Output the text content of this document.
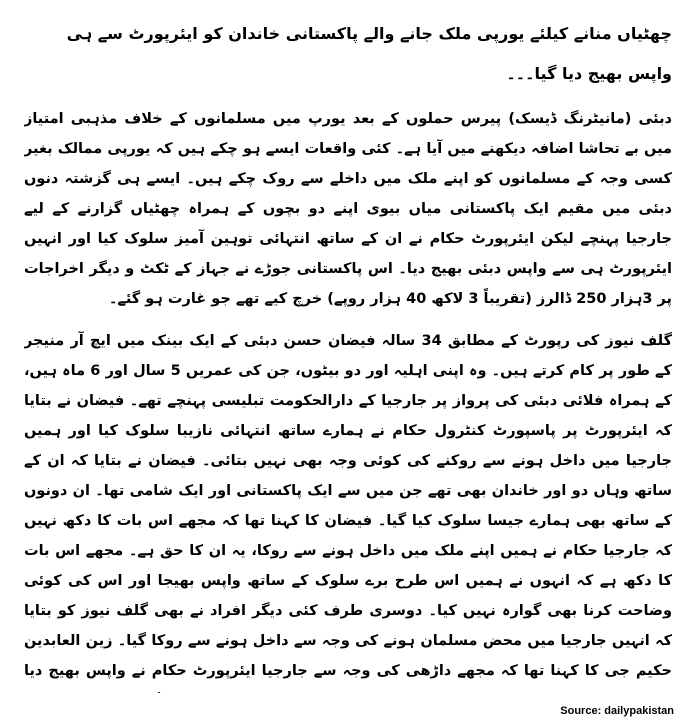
چھٹیاں منانے کیلئے یورپی ملک جانے والے پاکستانی خاندان کو ایئرپورٹ سے ہی واپس بھیج دیا گیا۔۔۔

دبئی (مانیٹرنگ ڈیسک) پیرس حملوں کے بعد یورپ میں مسلمانوں کے خلاف مذہبی امتیاز میں بے تحاشا اضافہ دیکھنے میں آیا ہے۔ کئی واقعات ایسے ہو چکے ہیں کہ یورپی ممالک بغیر کسی وجہ کے مسلمانوں کو اپنے ملک میں داخلے سے روک چکے ہیں۔ ایسے ہی گزشتہ دنوں دبئی میں مقیم ایک پاکستانی میاں بیوی اپنے دو بچوں کے ہمراہ چھٹیاں گزارنے کے لیے جارجیا پہنچے لیکن ایئرپورٹ حکام نے ان کے ساتھ انتہائی توہین آمیز سلوک کیا اور انہیں ایئرپورٹ ہی سے واپس دبئی بھیج دیا۔ اس پاکستانی جوڑے نے جہاز کے ٹکٹ و دیگر اخراجات پر 3ہزار 250 ڈالرز (تقریباً 3 لاکھ 40 ہزار روپے) خرچ کیے تھے جو غارت ہو گئے۔

گلف نیوز کی رپورٹ کے مطابق 34 سالہ فیضان حسن دبئی کے ایک بینک میں ایچ آر منیجر کے طور پر کام کرتے ہیں۔ وہ اپنی اہلیہ اور دو بیٹوں، جن کی عمریں 5 سال اور 6 ماہ ہیں، کے ہمراہ فلائی دبئی کی پرواز پر جارجیا کے دارالحکومت تبلیسی پہنچے تھے۔ فیضان نے بتایا کہ ایئرپورٹ پر پاسپورٹ کنٹرول حکام نے ہمارے ساتھ انتہائی نازیبا سلوک کیا اور ہمیں جارجیا میں داخل ہونے سے روکنے کی کوئی وجہ بھی نہیں بتائی۔ فیضان نے بتایا کہ ان کے ساتھ وہاں دو اور خاندان بھی تھے جن میں سے ایک پاکستانی اور ایک شامی تھا۔ ان دونوں کے ساتھ بھی ہمارے جیسا سلوک کیا گیا۔ فیضان کا کہنا تھا کہ مجھے اس بات کا دکھ نہیں کہ جارجیا حکام نے ہمیں اپنے ملک میں داخل ہونے سے روکا، یہ ان کا حق ہے۔ مجھے اس بات کا دکھ ہے کہ انہوں نے ہمیں اس طرح برے سلوک کے ساتھ واپس بھیجا اور اس کی کوئی وضاحت کرنا بھی گوارہ نہیں کیا۔ دوسری طرف کئی دیگر افراد نے بھی گلف نیوز کو بتایا کہ انہیں جارجیا میں محض مسلمان ہونے کی وجہ سے داخل ہونے سے روکا گیا۔ زین العابدین حکیم جی کا کہنا تھا کہ مجھے داڑھی کی وجہ سے جارجیا ایئرپورٹ حکام نے واپس بھیج دیا

Source: dailypakistan
